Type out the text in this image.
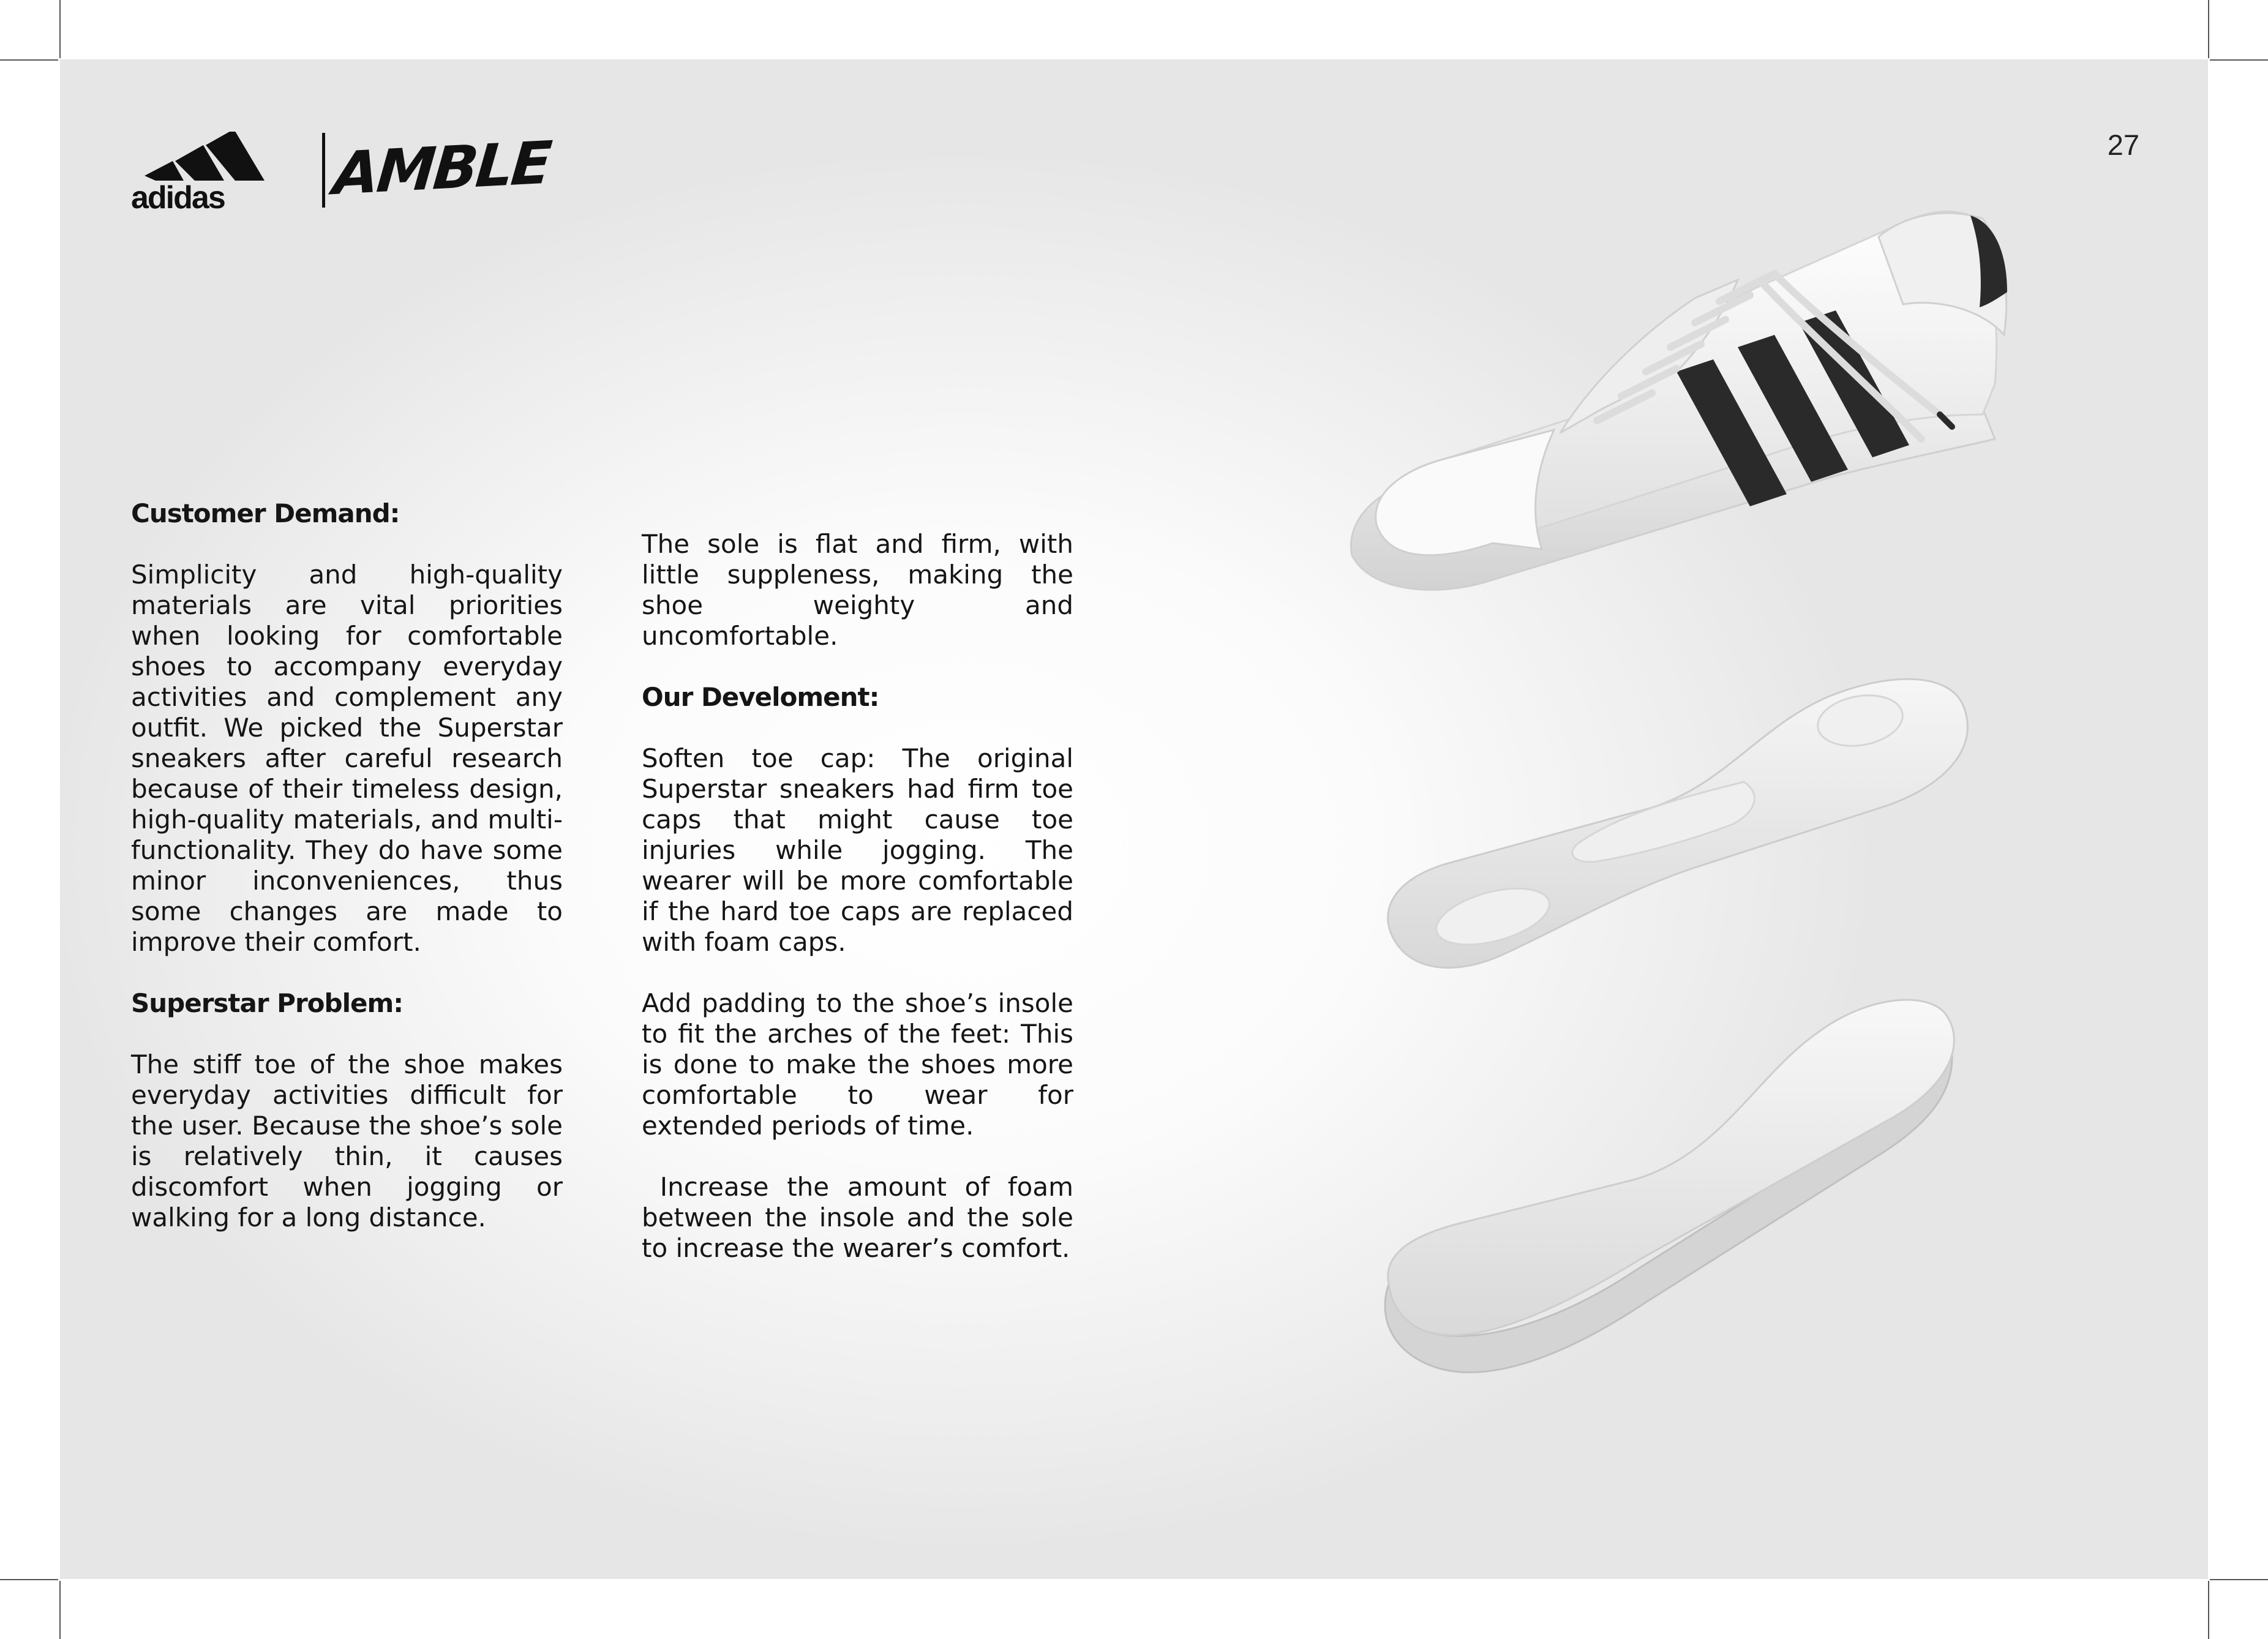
27
adidas AMBLE
Customer Demand:

Simplicity and high-quality materials are vital priorities when looking for comfortable shoes to accompany everyday activities and complement any outfit. We picked the Superstar sneakers after careful research because of their timeless design, high-quality materials, and multi-functionality. They do have some minor inconveniences, thus some changes are made to improve their comfort.

Superstar Problem:

The stiff toe of the shoe makes everyday activities difficult for the user. Because the shoe’s sole is relatively thin, it causes discomfort when jogging or walking for a long distance.

The sole is flat and firm, with little suppleness, making the shoe weighty and uncomfortable.

Our Develoment:

Soften toe cap: The original Superstar sneakers had firm toe caps that might cause toe injuries while jogging. The wearer will be more comfortable if the hard toe caps are replaced with foam caps.

Add padding to the shoe’s insole to fit the arches of the feet: This is done to make the shoes more comfortable to wear for extended periods of time.

Increase the amount of foam between the insole and the sole to increase the wearer’s comfort.
